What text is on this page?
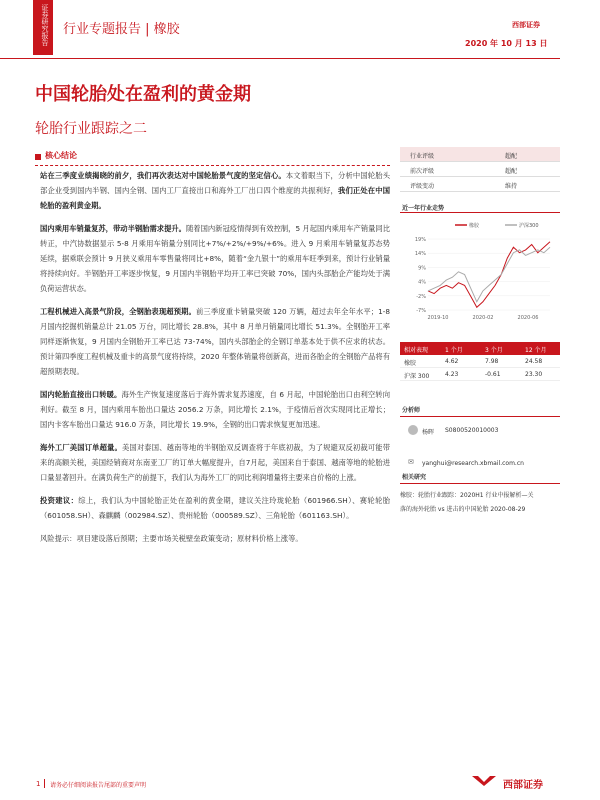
证券研究报告 行业专题报告 | 橡胶	西部证券
2020 年 10 月 13 日
中国轮胎处在盈利的黄金期
轮胎行业跟踪之二
核心结论

站在三季度业绩揭晓的前夕，我们再次表达对中国轮胎景气度的坚定信心。本文着眼当下，分析中国轮胎头部企业受到国内半钢、国内全钢、国内工厂直接出口和海外工厂出口四个维度的共振利好，我们正处在中国轮胎的盈利黄金期。

国内乘用车销量复苏，带动半钢胎需求提升。随着国内新冠疫情得到有效控制，5 月起国内乘用车产销量同比转正，中汽协数据显示 5-8 月乘用车销量分别同比+7%/+2%/+9%/+6%。进入 9 月乘用车销量复苏态势延续，据乘联会预计 9 月狭义乘用车零售量将同比+8%，随着“金九银十”的乘用车旺季到来，预计行业销量将持续向好。半钢胎开工率逐步恢复，9 月国内半钢胎平均开工率已突破 70%，国内头部胎企产能均处于满负荷运营状态。

工程机械进入高景气阶段，全钢胎表现超预期。前三季度重卡销量突破 120 万辆，超过去年全年水平；1-8 月国内挖掘机销量总计 21.05 万台，同比增长 28.8%，其中 8 月单月销量同比增长 51.3%。全钢胎开工率同样逐渐恢复，9 月国内全钢胎开工率已达 73-74%，国内头部胎企的全钢订单基本处于供不应求的状态。预计第四季度工程机械及重卡的高景气度将持续，2020 年整体销量将创新高，进而各胎企的全钢胎产品将有超预期表现。

国内轮胎直接出口转暖。海外生产恢复速度落后于海外需求复苏速度，自 6 月起，中国轮胎出口由利空转向利好。截至 8 月，国内乘用车胎出口量达 2056.2 万条，同比增长 2.1%，于疫情后首次实现同比正增长；国内卡客车胎出口量达 916.0 万条，同比增长 19.9%，全钢的出口需求恢复更加迅速。

海外工厂美国订单超量。美国对泰国、越南等地的半钢胎双反调查将于年底初裁，为了规避双反初裁可能带来的高额关税，美国经销商对东南亚工厂的订单大幅度提升，自7月起，美国来自于泰国、越南等地的轮胎进口量显著回升。在满负荷生产的前提下，我们认为海外工厂的同比利润增量将主要来自价格的上涨。

投资建议：综上，我们认为中国轮胎正处在盈利的黄金期，建议关注玲珑轮胎（601966.SH）、赛轮轮胎（601058.SH）、森麒麟（002984.SZ）、贵州轮胎（000589.SZ）、三角轮胎（601163.SH）。

风险提示：项目建设落后预期；主要市场关税壁垒政策变动；原材料价格上涨等。

行业评级	超配
前次评级	超配
评级变动	维持
近一年行业走势
橡胶	沪深300
-7%
-2%
4%
9%
14%
19%
2019-10	2020-02	2020-06
相对表现	1 个月	3 个月	12 个月
橡胶	4.62	7.98	24.58
沪深 300	4.23	-0.61	23.30
分析师
杨晖 S0800520010003
✉ yanghui@research.xbmail.com.cn
相关研究
橡胶：轮胎行业跟踪：2020H1 行业中报解析—关
落的海外轮胎 vs 进击的中国轮胎 2020-08-29
1 请务必仔细阅读报告尾部的重要声明	西部证券
